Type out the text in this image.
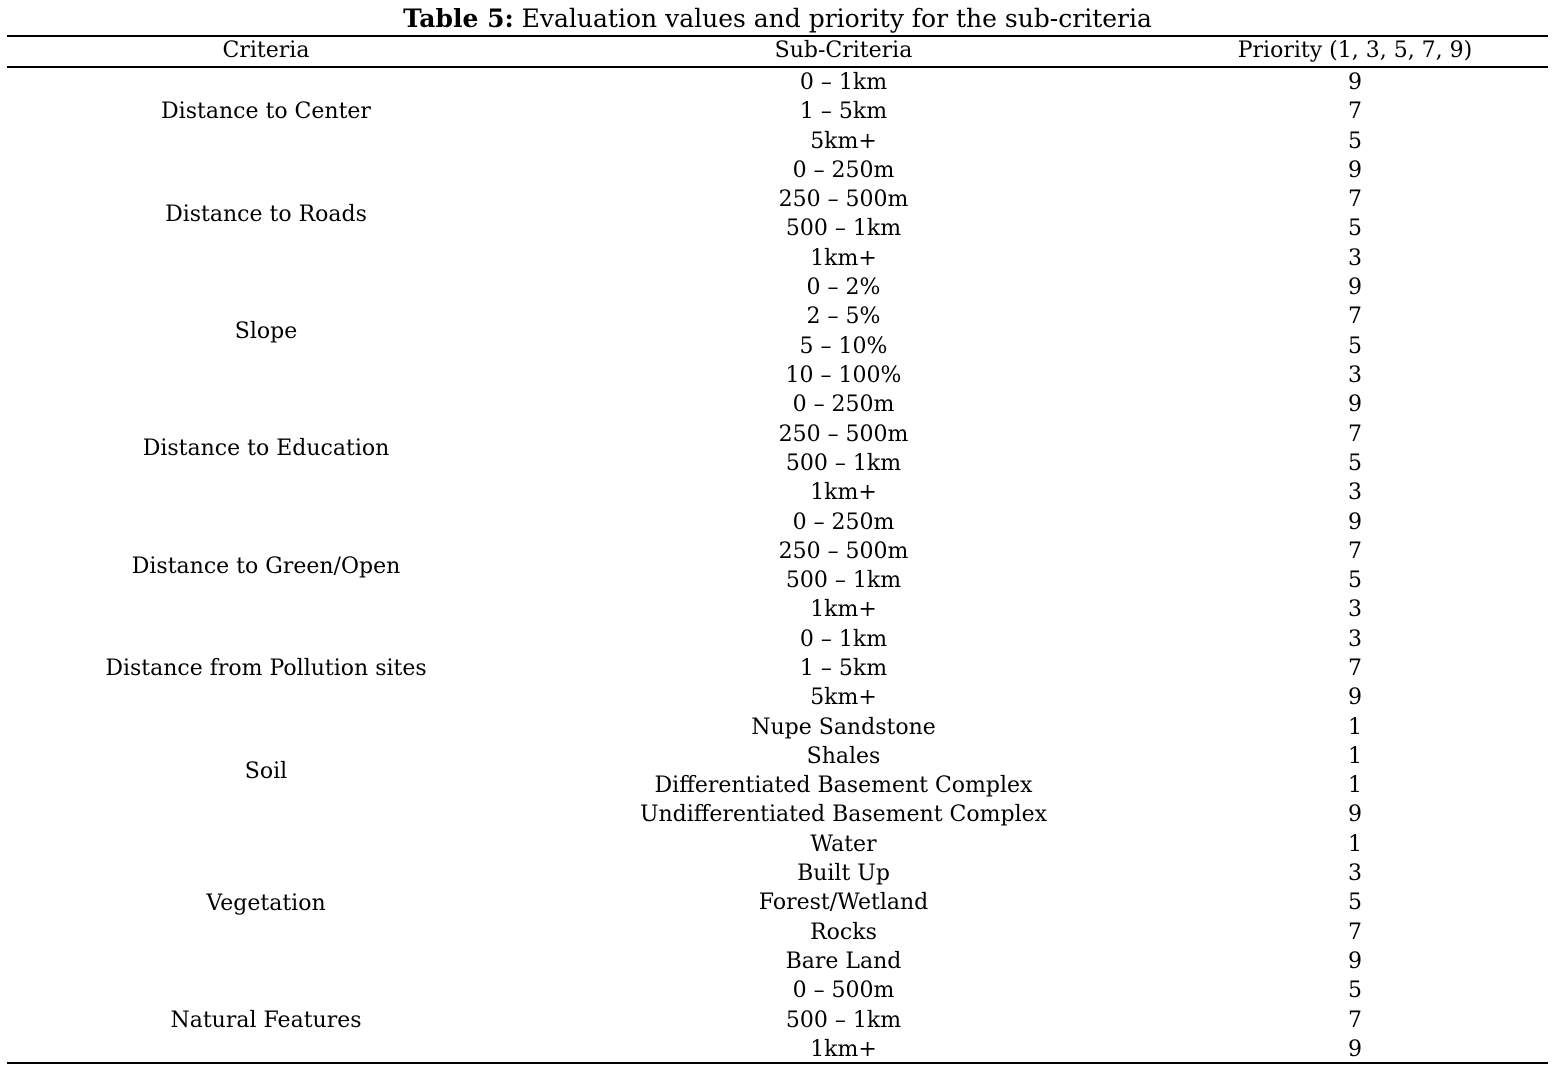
Table 5: Evaluation values and priority for the sub-criteria
Criteria	Sub-Criteria	Priority (1, 3, 5, 7, 9)
Distance to Center
0 – 1km	9
1 – 5km	7
5km+	5
Distance to Roads
0 – 250m	9
250 – 500m	7
500 – 1km	5
1km+	3
Slope
0 – 2%	9
2 – 5%	7
5 – 10%	5
10 – 100%	3
Distance to Education
0 – 250m	9
250 – 500m	7
500 – 1km	5
1km+	3
Distance to Green/Open
0 – 250m	9
250 – 500m	7
500 – 1km	5
1km+	3
Distance from Pollution sites
0 – 1km	3
1 – 5km	7
5km+	9
Soil
Nupe Sandstone	1
Shales	1
Differentiated Basement Complex	1
Undifferentiated Basement Complex	9
Vegetation
Water	1
Built Up	3
Forest/Wetland	5
Rocks	7
Bare Land	9
Natural Features
0 – 500m	5
500 – 1km	7
1km+	9
